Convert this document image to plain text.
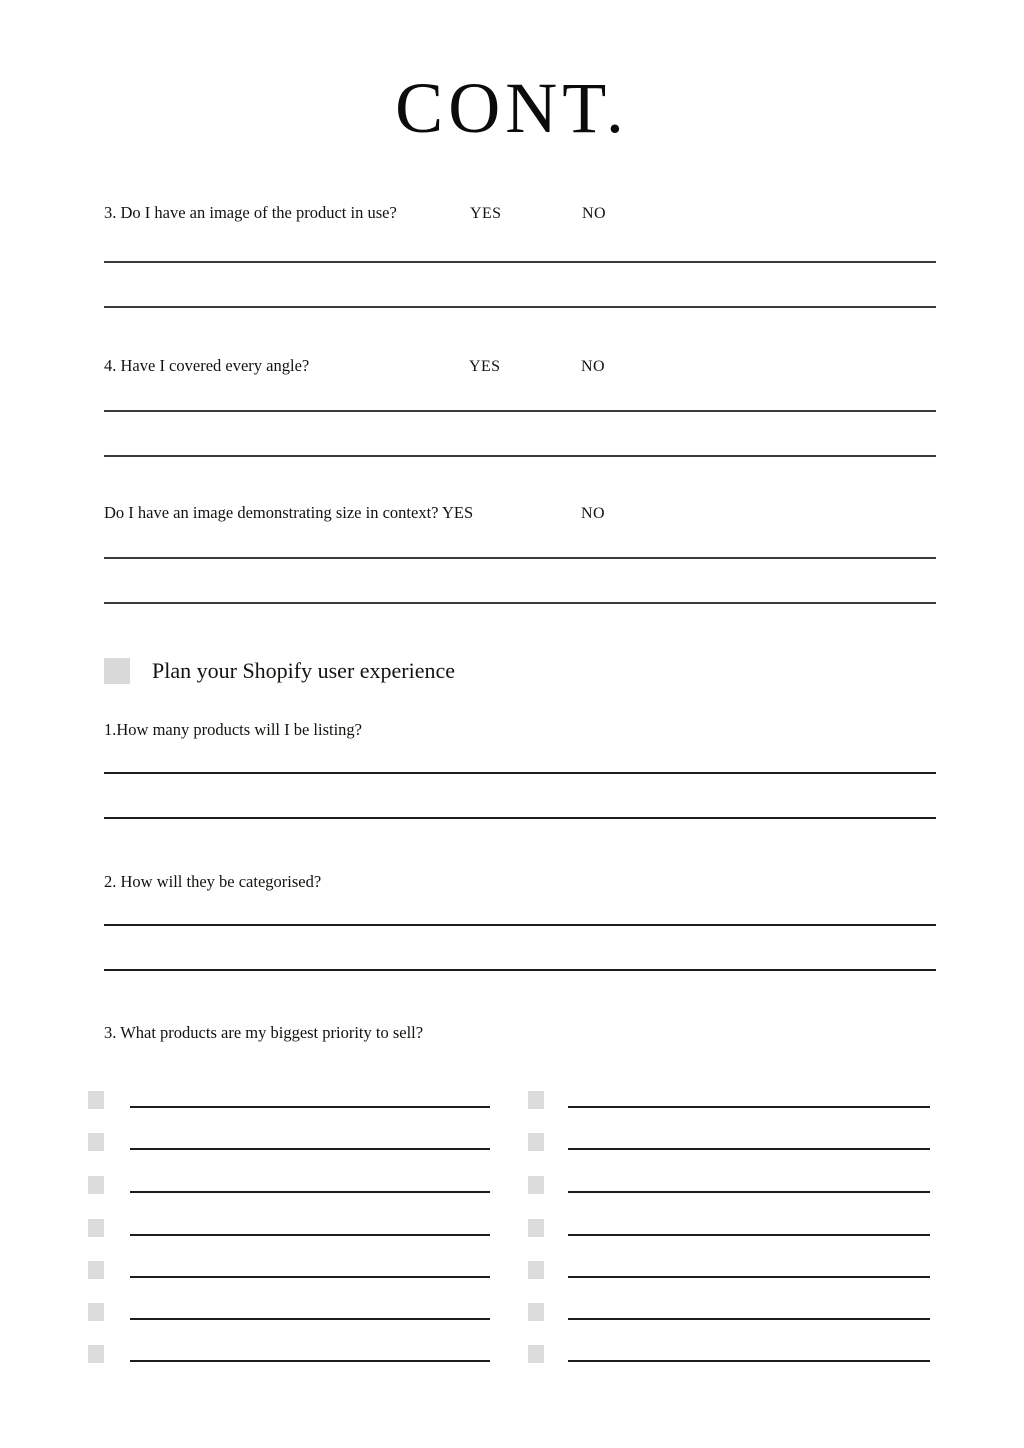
CONT.
3. Do I have an image of the product in use?	YES	NO
4. Have I covered every angle?	YES	NO
Do I have an image demonstrating size in context? YES	NO
Plan your Shopify user experience
1.How many products will I be listing?
2. How will they be categorised?
3. What products are my biggest priority to sell?
